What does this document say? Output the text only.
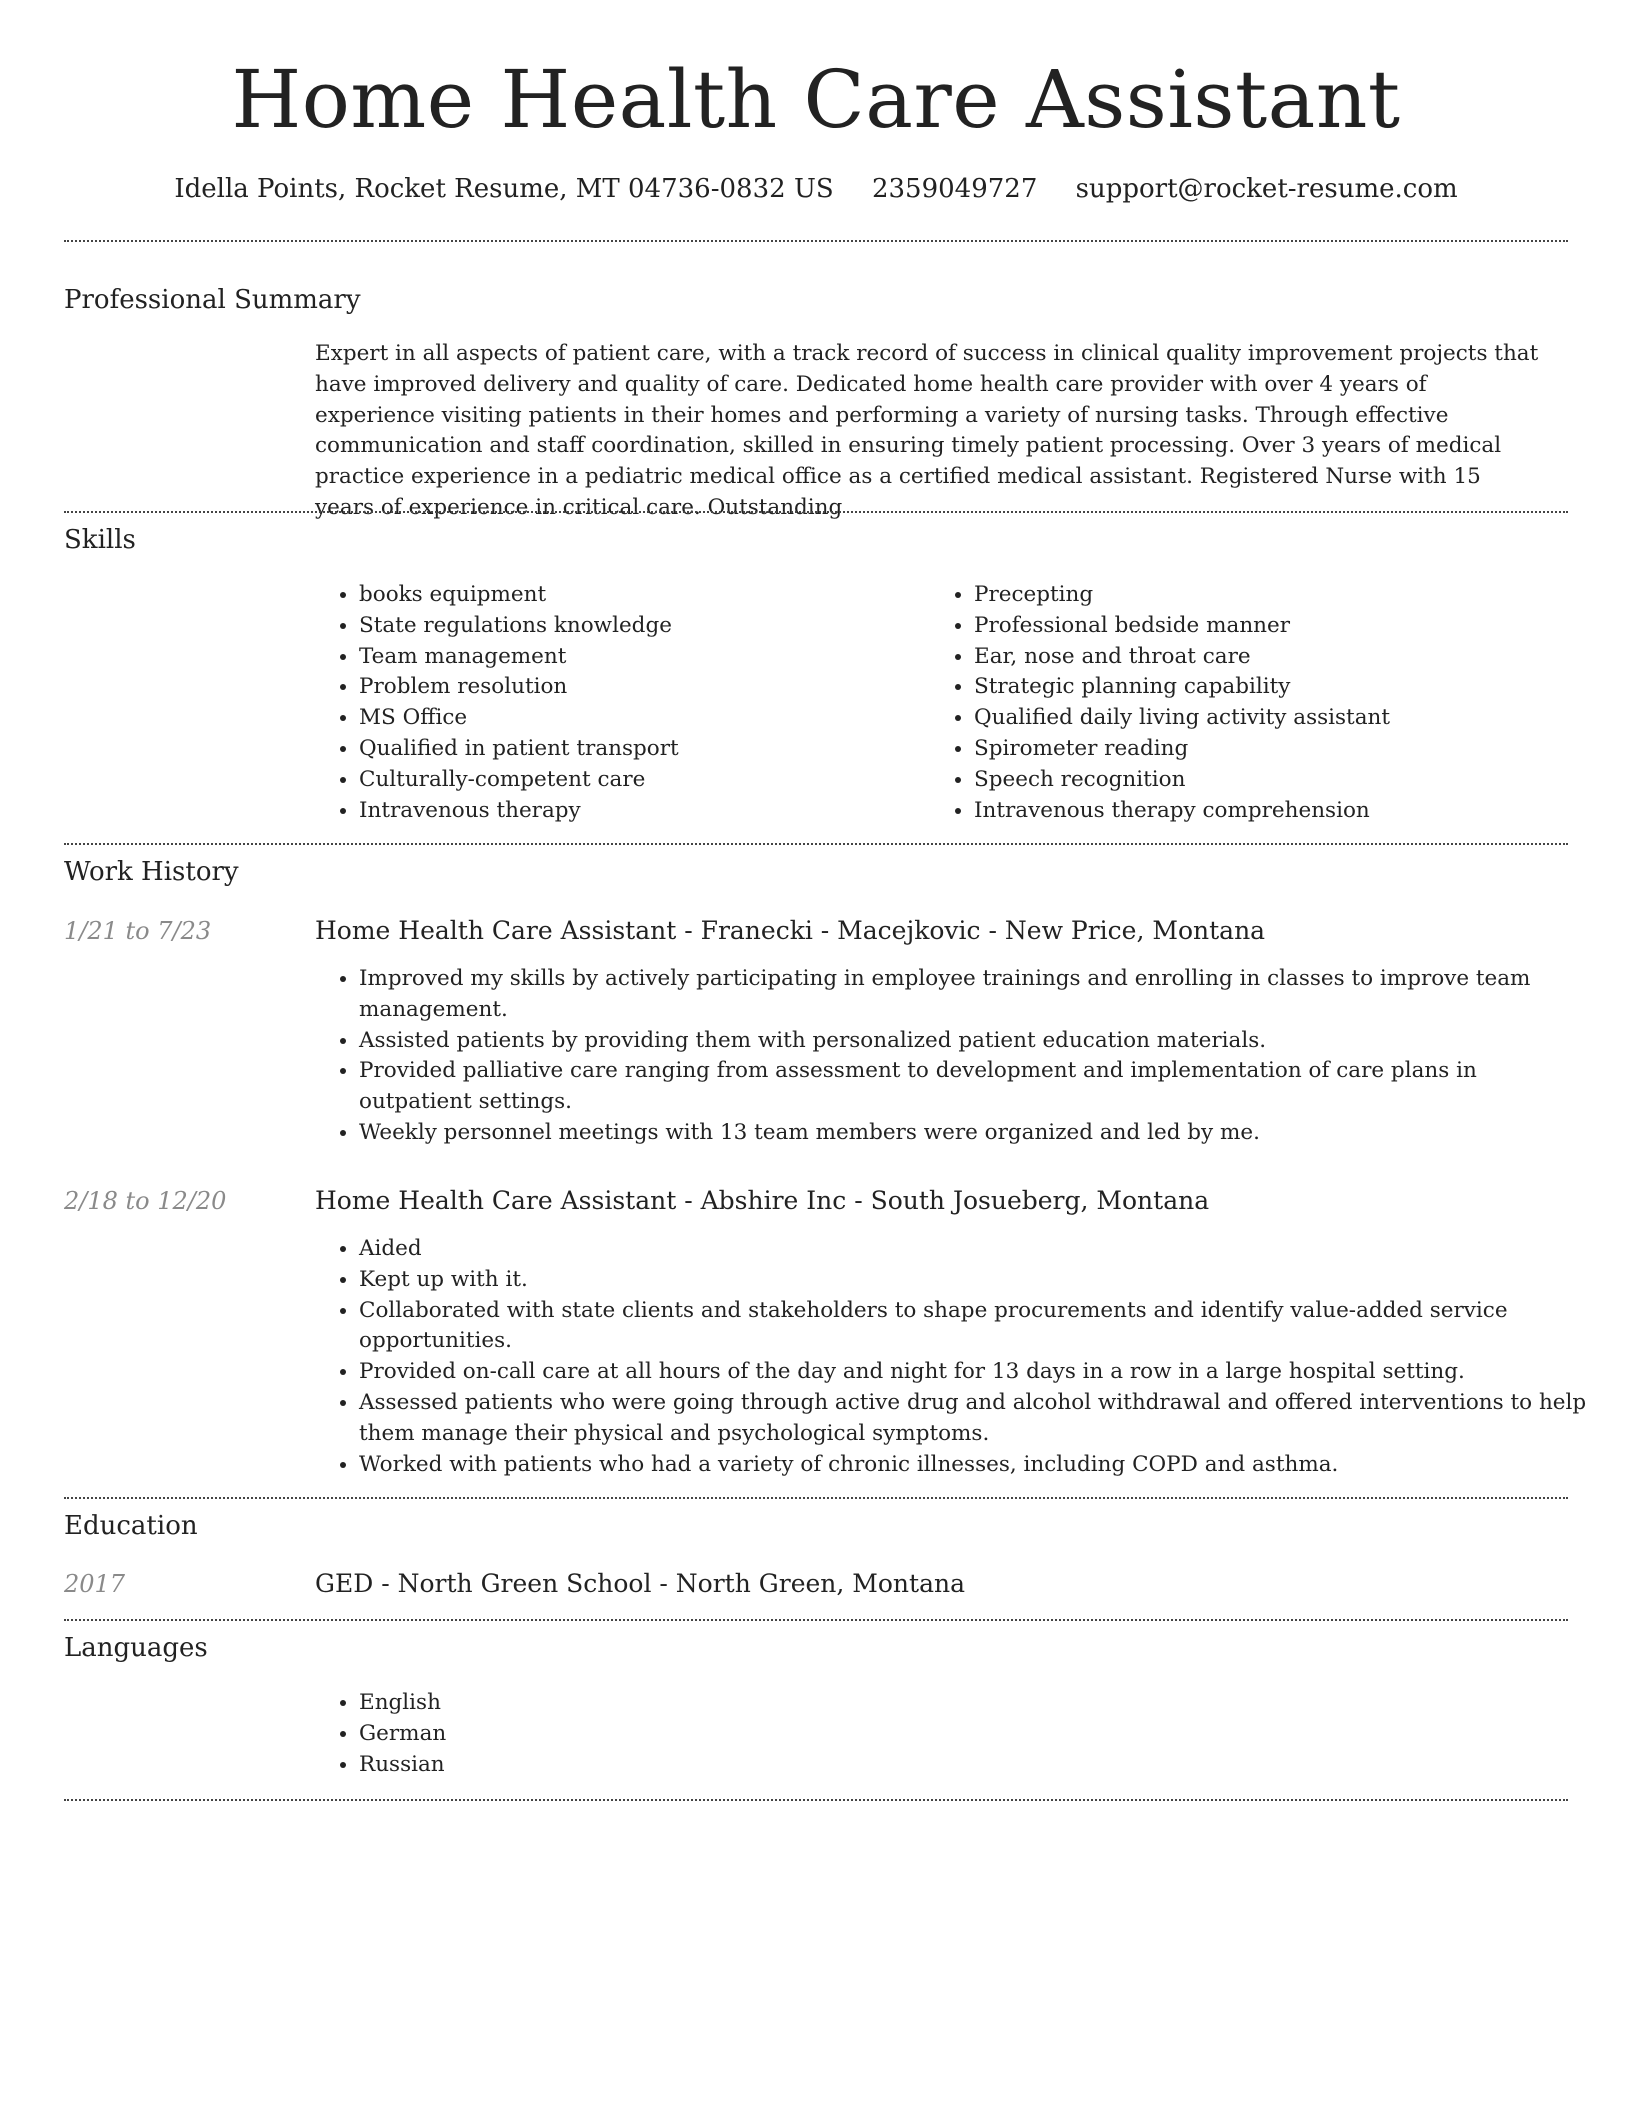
Home Health Care Assistant
Idella Points, Rocket Resume, MT 04736-0832 US 2359049727 support@rocket-resume.com
Professional Summary
Expert in all aspects of patient care, with a track record of success in clinical quality improvement projects that have improved delivery and quality of care. Dedicated home health care provider with over 4 years of experience visiting patients in their homes and performing a variety of nursing tasks. Through effective communication and staff coordination, skilled in ensuring timely patient processing. Over 3 years of medical practice experience in a pediatric medical office as a certified medical assistant. Registered Nurse with 15 years of experience in critical care. Outstanding
Skills
• books equipment
• State regulations knowledge
• Team management
• Problem resolution
• MS Office
• Qualified in patient transport
• Culturally-competent care
• Intravenous therapy
• Precepting
• Professional bedside manner
• Ear, nose and throat care
• Strategic planning capability
• Qualified daily living activity assistant
• Spirometer reading
• Speech recognition
• Intravenous therapy comprehension
Work History
1/21 to 7/23	Home Health Care Assistant - Franecki - Macejkovic - New Price, Montana
• Improved my skills by actively participating in employee trainings and enrolling in classes to improve team management.
• Assisted patients by providing them with personalized patient education materials.
• Provided palliative care ranging from assessment to development and implementation of care plans in outpatient settings.
• Weekly personnel meetings with 13 team members were organized and led by me.
2/18 to 12/20	Home Health Care Assistant - Abshire Inc - South Josueberg, Montana
• Aided
• Kept up with it.
• Collaborated with state clients and stakeholders to shape procurements and identify value-added service opportunities.
• Provided on-call care at all hours of the day and night for 13 days in a row in a large hospital setting.
• Assessed patients who were going through active drug and alcohol withdrawal and offered interventions to help them manage their physical and psychological symptoms.
• Worked with patients who had a variety of chronic illnesses, including COPD and asthma.
Education
2017	GED - North Green School - North Green, Montana
Languages
• English
• German
• Russian
